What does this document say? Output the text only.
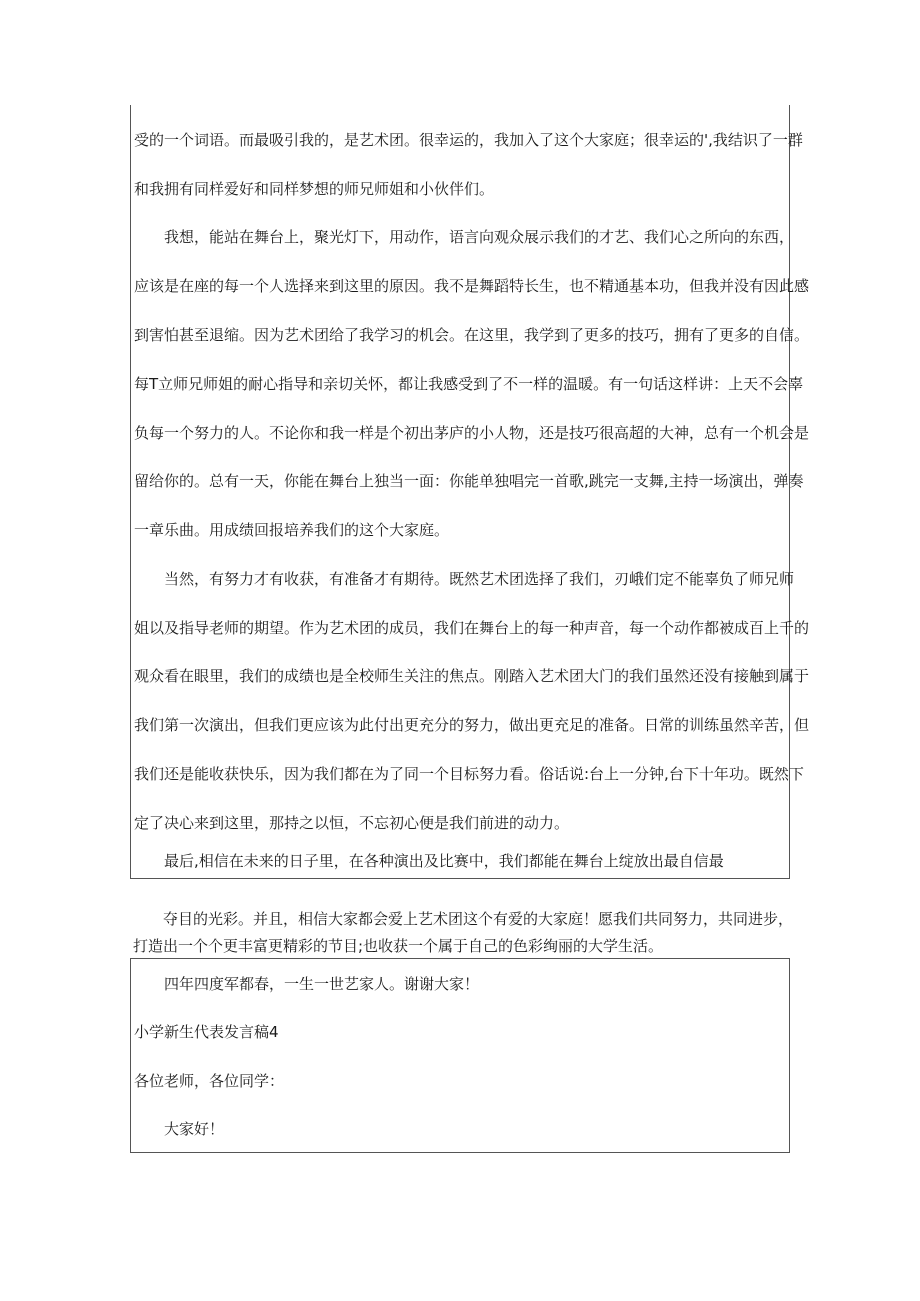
受的一个词语。而最吸引我的，是艺术团。很幸运的，我加入了这个大家庭；很幸运的',我结识了一群
和我拥有同样爱好和同样梦想的师兄师姐和小伙伴们。
我想，能站在舞台上，聚光灯下，用动作，语言向观众展示我们的才艺、我们心之所向的东西，
应该是在座的每一个人选择来到这里的原因。我不是舞蹈特长生，也不精通基本功，但我并没有因此感
到害怕甚至退缩。因为艺术团给了我学习的机会。在这里，我学到了更多的技巧，拥有了更多的自信。
每T立师兄师姐的耐心指导和亲切关怀，都让我感受到了不一样的温暖。有一句话这样讲：上天不会辜
负每一个努力的人。不论你和我一样是个初出茅庐的小人物，还是技巧很高超的大神，总有一个机会是
留给你的。总有一天，你能在舞台上独当一面：你能单独唱完一首歌,跳完一支舞,主持一场演出，弹奏
一章乐曲。用成绩回报培养我们的这个大家庭。
当然，有努力才有收获，有准备才有期待。既然艺术团选择了我们，刃峨们定不能辜负了师兄师
姐以及指导老师的期望。作为艺术团的成员，我们在舞台上的每一种声音，每一个动作都被成百上千的
观众看在眼里，我们的成绩也是全校师生关注的焦点。刚踏入艺术团大门的我们虽然还没有接触到属于
我们第一次演出，但我们更应该为此付出更充分的努力，做出更充足的准备。日常的训练虽然辛苦，但
我们还是能收获快乐，因为我们都在为了同一个目标努力看。俗话说:台上一分钟,台下十年功。既然下
定了决心来到这里，那持之以恒，不忘初心便是我们前进的动力。
最后,相信在未来的日子里，在各种演出及比赛中，我们都能在舞台上绽放出最自信最
夺目的光彩。并且，相信大家都会爱上艺术团这个有爱的大家庭！愿我们共同努力，共同进步，
打造出一个个更丰富更精彩的节目;也收获一个属于自己的色彩绚丽的大学生活。
四年四度军都春，一生一世艺家人。谢谢大家！
小学新生代表发言稿4
各位老师，各位同学：
大家好！
